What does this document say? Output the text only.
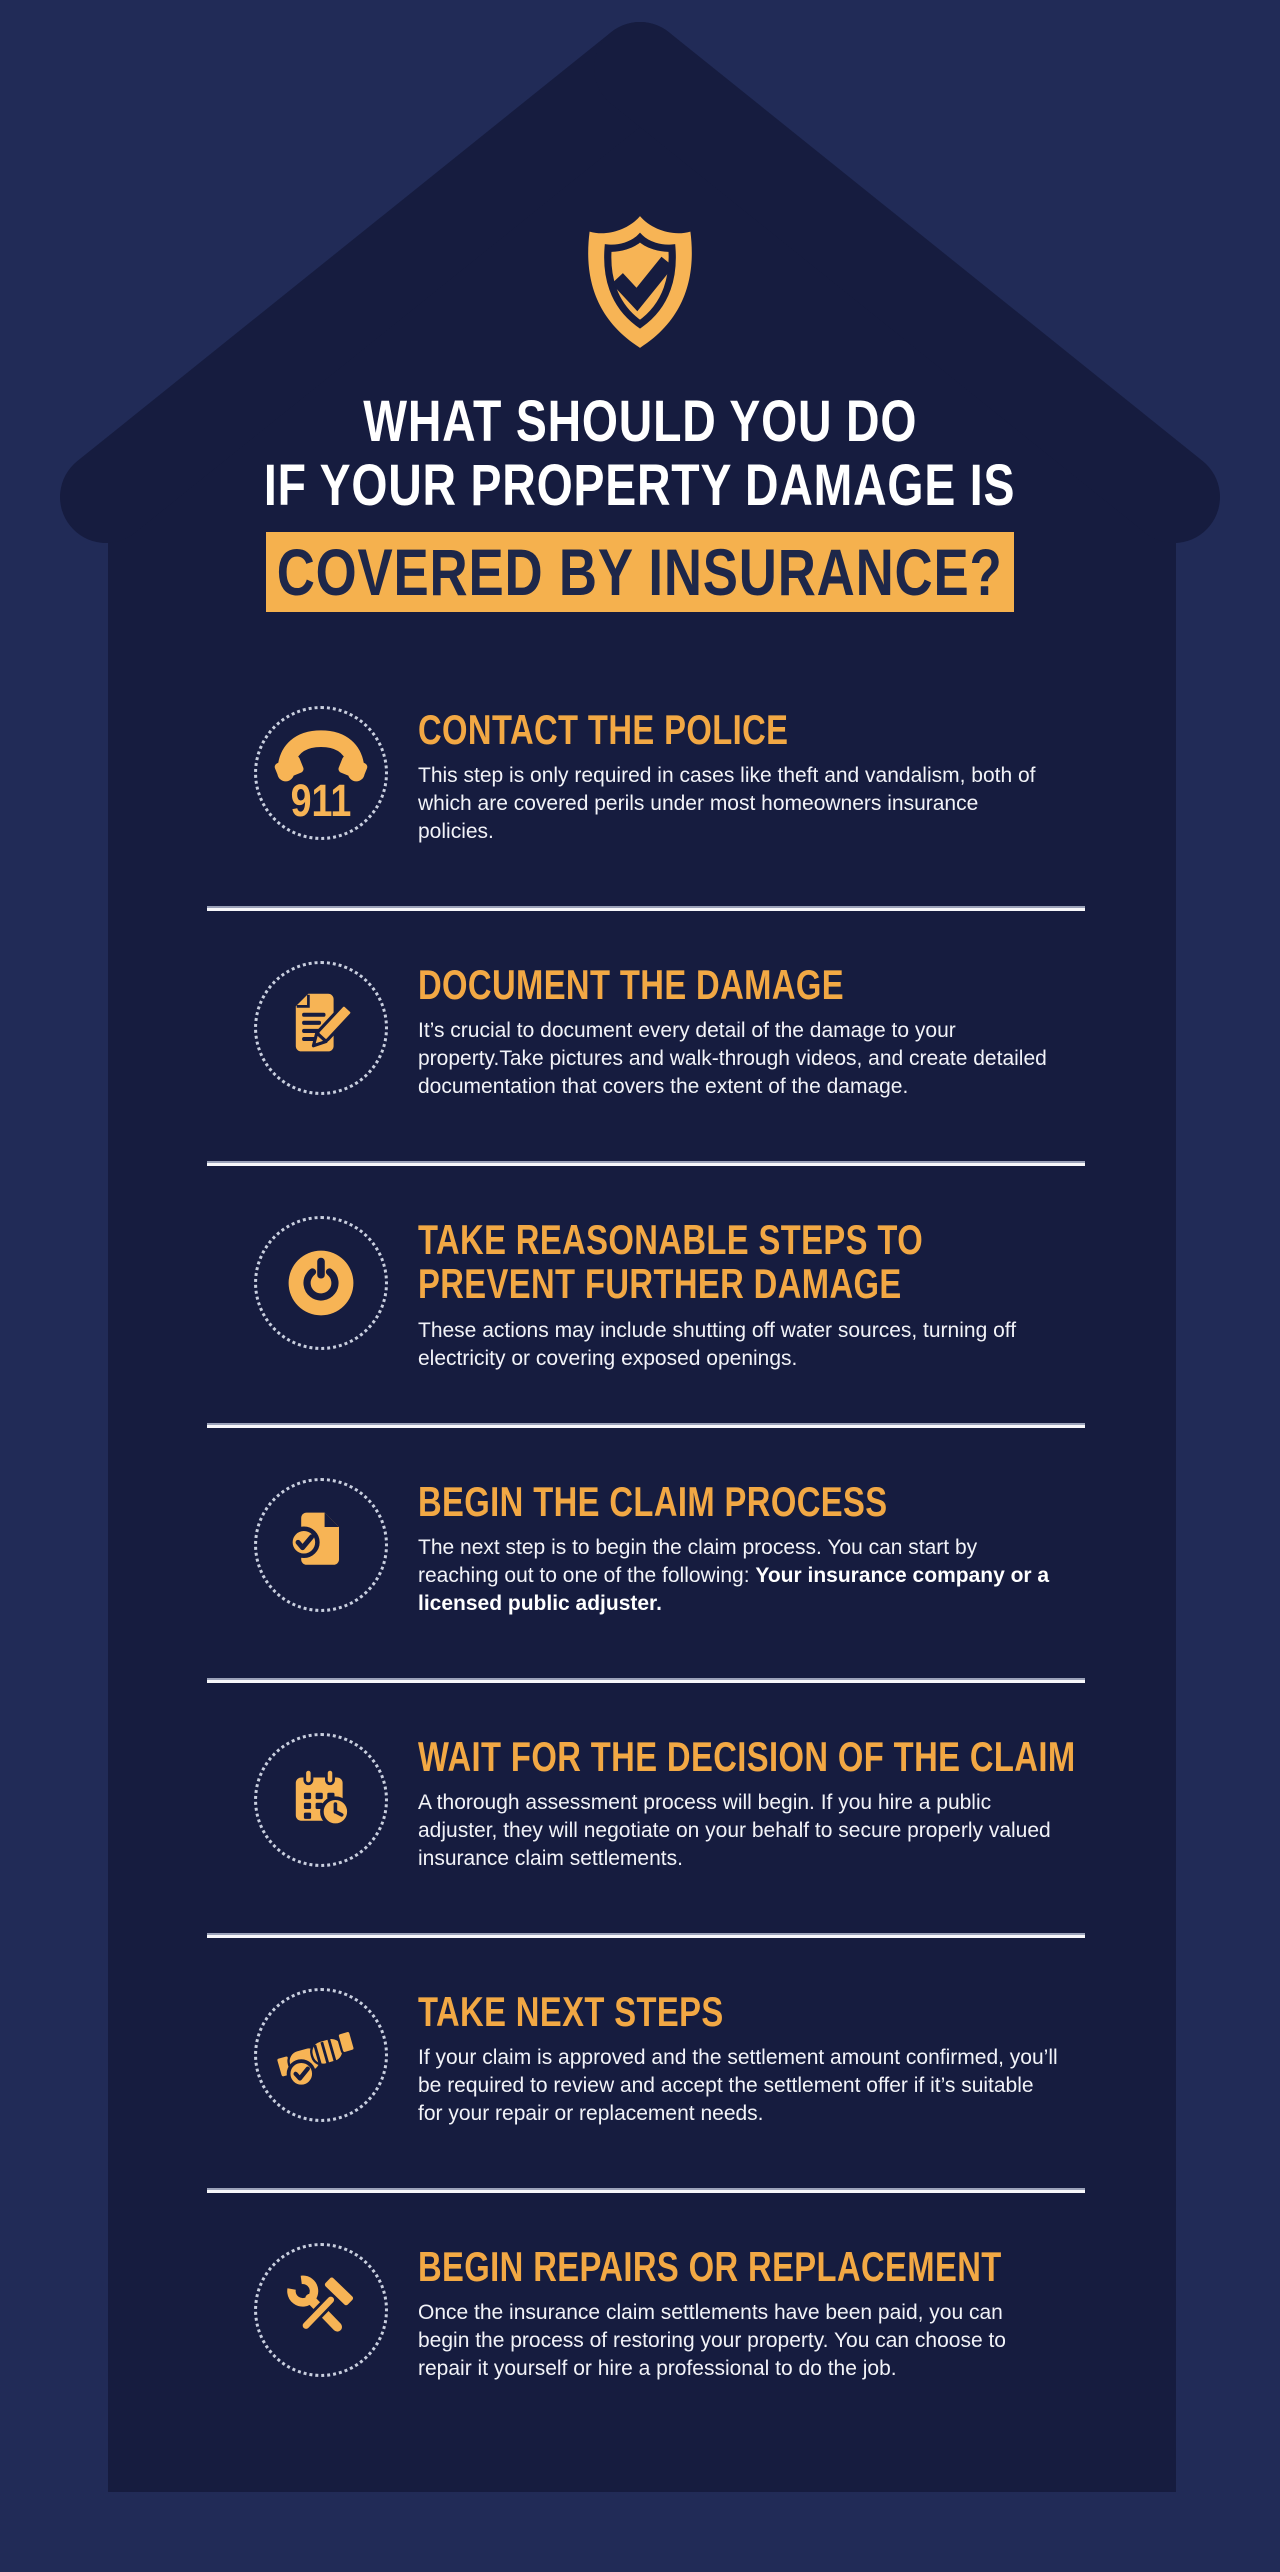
WHAT SHOULD YOU DO
IF YOUR PROPERTY DAMAGE IS
COVERED BY INSURANCE?
911
CONTACT THE POLICE
This step is only required in cases like theft and vandalism, both of which are covered perils under most homeowners insurance policies.
DOCUMENT THE DAMAGE
It’s crucial to document every detail of the damage to your property.Take pictures and walk-through videos, and create detailed documentation that covers the extent of the damage.
TAKE REASONABLE STEPS TO PREVENT FURTHER DAMAGE
These actions may include shutting off water sources, turning off electricity or covering exposed openings.
BEGIN THE CLAIM PROCESS
The next step is to begin the claim process. You can start by reaching out to one of the following: Your insurance company or a licensed public adjuster.
WAIT FOR THE DECISION OF THE CLAIM
A thorough assessment process will begin. If you hire a public adjuster, they will negotiate on your behalf to secure properly valued insurance claim settlements.
TAKE NEXT STEPS
If your claim is approved and the settlement amount confirmed, you’ll be required to review and accept the settlement offer if it’s suitable for your repair or replacement needs.
BEGIN REPAIRS OR REPLACEMENT
Once the insurance claim settlements have been paid, you can begin the process of restoring your property. You can choose to repair it yourself or hire a professional to do the job.
